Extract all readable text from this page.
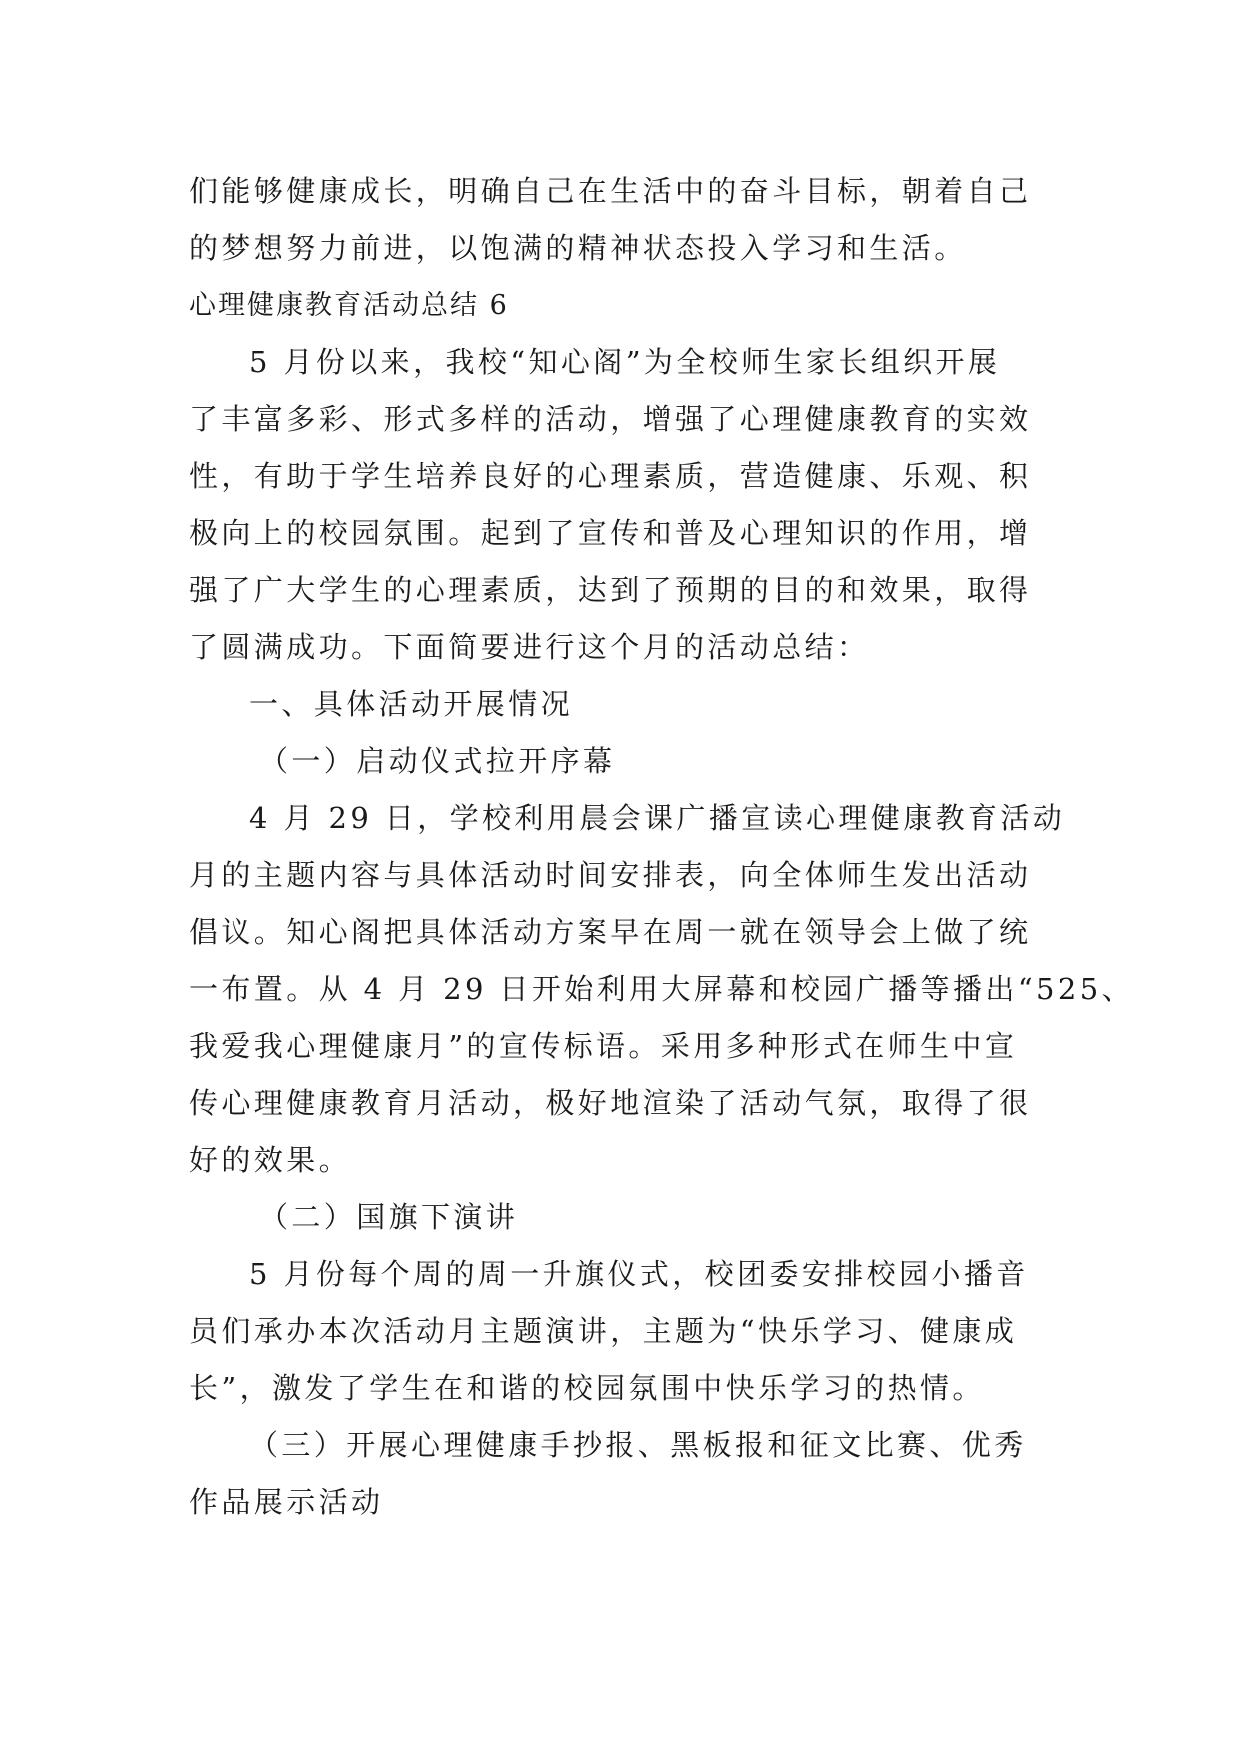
们能够健康成长，明确自己在生活中的奋斗目标，朝着自己
的梦想努力前进，以饱满的精神状态投入学习和生活。
心理健康教育活动总结 6
5 月份以来，我校“知心阁”为全校师生家长组织开展
了丰富多彩、形式多样的活动，增强了心理健康教育的实效
性，有助于学生培养良好的心理素质，营造健康、乐观、积
极向上的校园氛围。起到了宣传和普及心理知识的作用，增
强了广大学生的心理素质，达到了预期的目的和效果，取得
了圆满成功。下面简要进行这个月的活动总结：
一、具体活动开展情况
（一）启动仪式拉开序幕
4 月 29 日，学校利用晨会课广播宣读心理健康教育活动
月的主题内容与具体活动时间安排表，向全体师生发出活动
倡议。知心阁把具体活动方案早在周一就在领导会上做了统
一布置。从 4 月 29 日开始利用大屏幕和校园广播等播出“525、
我爱我心理健康月”的宣传标语。采用多种形式在师生中宣
传心理健康教育月活动，极好地渲染了活动气氛，取得了很
好的效果。
（二）国旗下演讲
5 月份每个周的周一升旗仪式，校团委安排校园小播音
员们承办本次活动月主题演讲，主题为“快乐学习、健康成
长”，激发了学生在和谐的校园氛围中快乐学习的热情。
（三）开展心理健康手抄报、黑板报和征文比赛、优秀
作品展示活动
